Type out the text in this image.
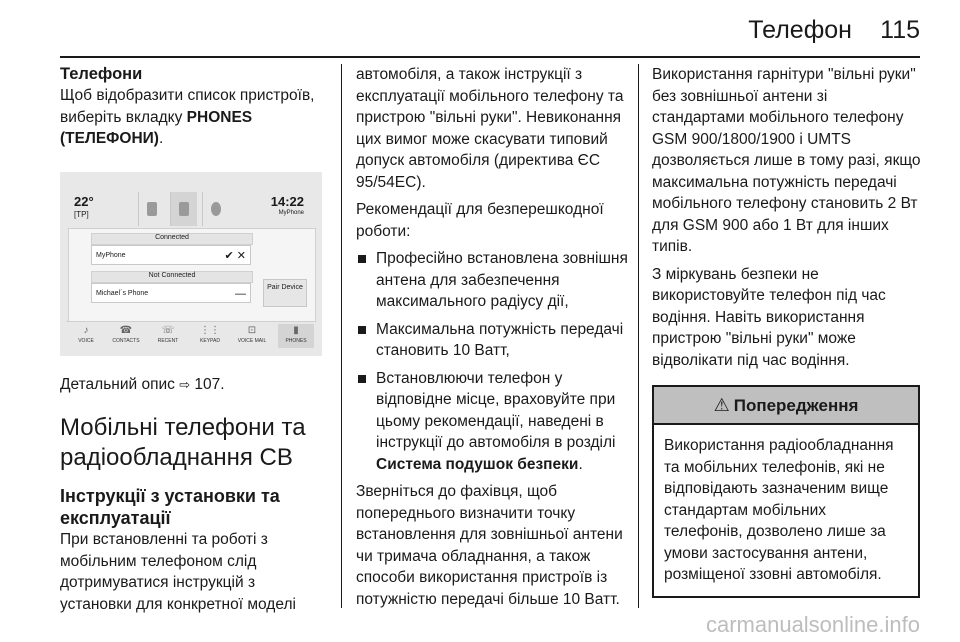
Телефон 115

Телефони

Щоб відобразити список пристроїв, виберіть вкладку PHONES (ТЕЛЕФОНИ).

22°
[TP]
14:22
MyPhone
Connected
MyPhone	✔ ✕
Not Connected
Michael´s Phone	—
Pair Device
♪
VOICE
☎
CONTACTS
☏
RECENT
⋮⋮
KEYPAD
⊡
VOICE MAIL
▮
PHONES

Детальний опис ⇨ 107.

Мобільні телефони та радіообладнання CB

Інструкції з установки та експлуатації

При встановленні та роботі з мобільним телефоном слід дотримуватися інструкцій з установки для конкретної моделі

автомобіля, а також інструкції з експлуатації мобільного телефону та пристрою "вільні руки". Невиконання цих вимог може скасувати типовий допуск автомобіля (директива ЄС 95/54EC).

Рекомендації для безперешкодної роботи:

Професійно встановлена зовнішня антена для забезпечення максимального радіусу дії,

Максимальна потужність передачі становить 10 Ватт,

Встановлюючи телефон у відповідне місце, враховуйте при цьому рекомендації, наведені в інструкції до автомобіля в розділі Система подушок безпеки.

Зверніться до фахівця, щоб попереднього визначити точку встановлення для зовнішньої антени чи тримача обладнання, а також способи використання пристроїв із потужністю передачі більше 10 Ватт.

Використання гарнітури "вільні руки" без зовнішньої антени зі стандартами мобільного телефону GSM 900/1800/1900 і UMTS дозволяється лише в тому разі, якщо максимальна потужність передачі мобільного телефону становить 2 Вт для GSM 900 або 1 Вт для інших типів.

З міркувань безпеки не використовуйте телефон під час водіння. Навіть використання пристрою "вільні руки" може відволікати під час водіння.

⚠ Попередження
Використання радіообладнання та мобільних телефонів, які не відповідають зазначеним вище стандартам мобільних телефонів, дозволено лише за умови застосування антени, розміщеної ззовні автомобіля.
carmanualsonline.info
